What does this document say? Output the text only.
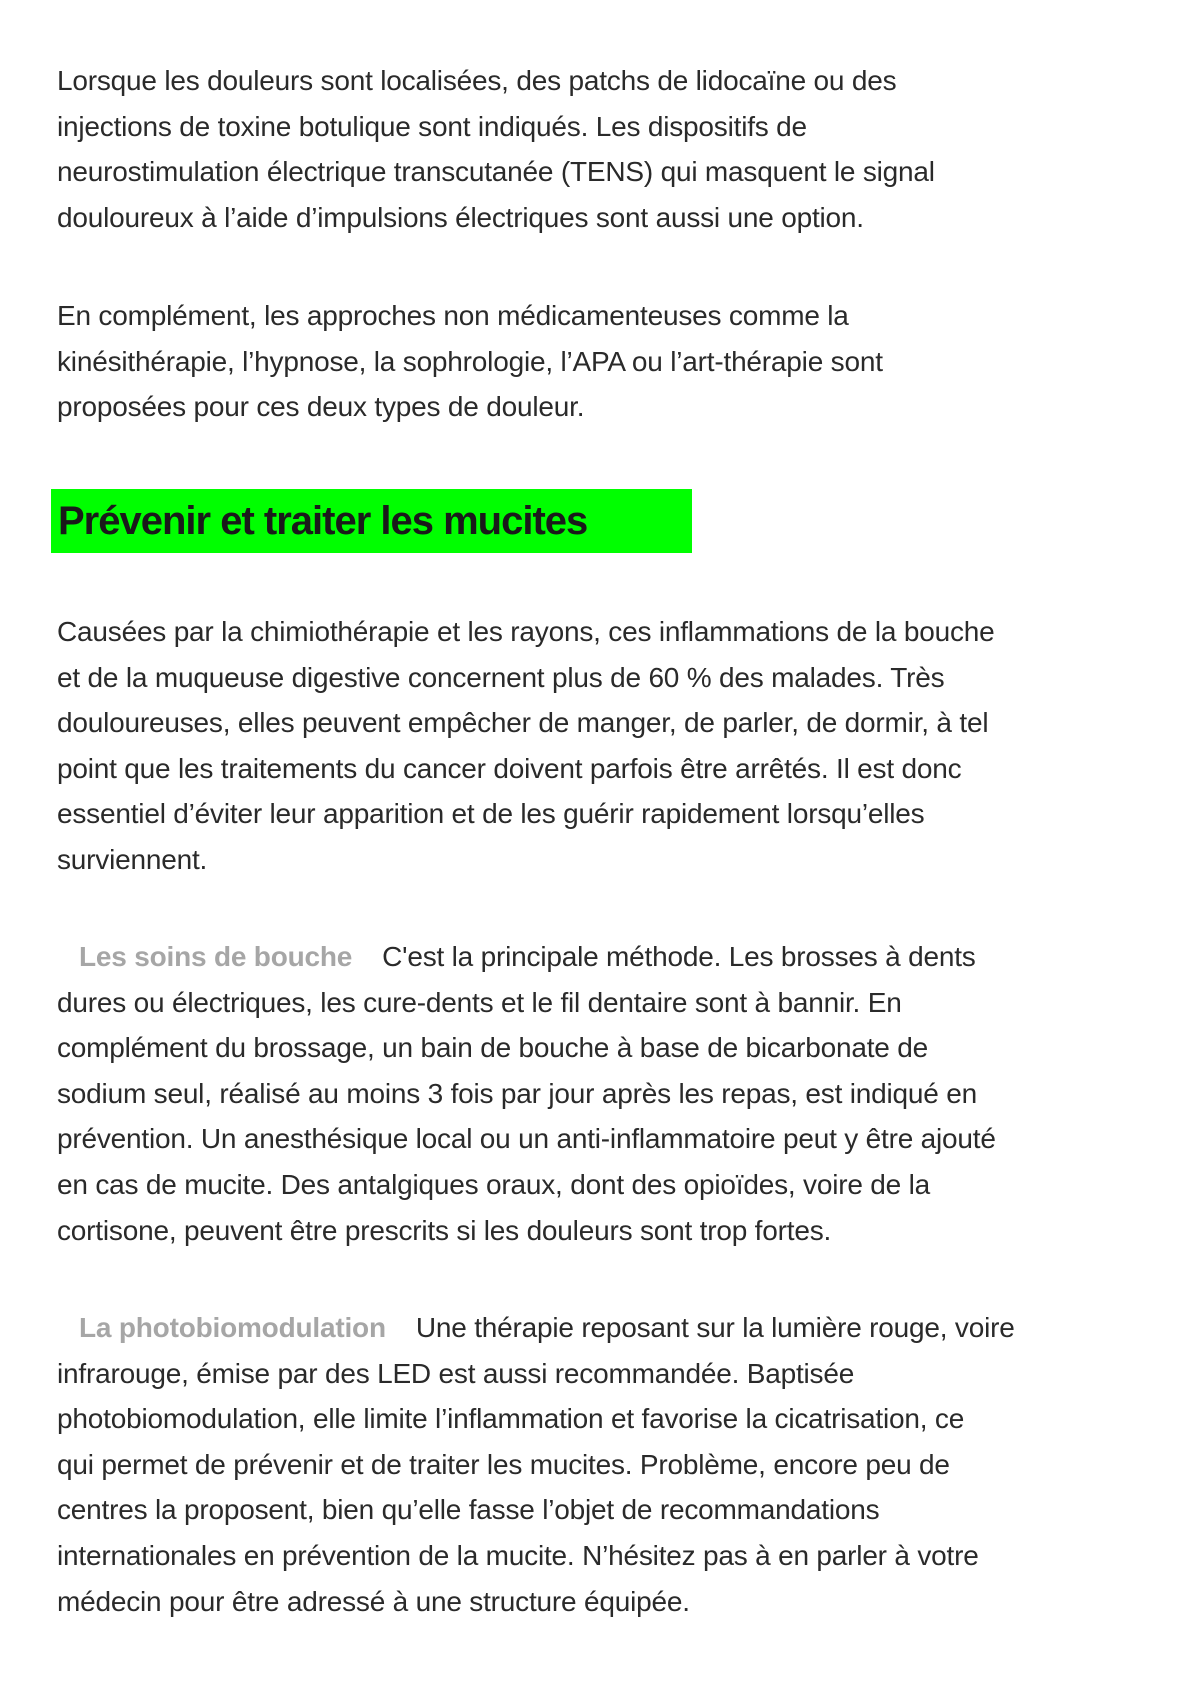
Lorsque les douleurs sont localisées, des patchs de lidocaïne ou des
injections de toxine botulique sont indiqués. Les dispositifs de
neurostimulation électrique transcutanée (TENS) qui masquent le signal
douloureux à l’aide d’impulsions électriques sont aussi une option.
En complément, les approches non médicamenteuses comme la
kinésithérapie, l’hypnose, la sophrologie, l’APA ou l’art-thérapie sont
proposées pour ces deux types de douleur.
Prévenir et traiter les mucites
Causées par la chimiothérapie et les rayons, ces inflammations de la bouche
et de la muqueuse digestive concernent plus de 60 % des malades. Très
douloureuses, elles peuvent empêcher de manger, de parler, de dormir, à tel
point que les traitements du cancer doivent parfois être arrêtés. Il est donc
essentiel d’éviter leur apparition et de les guérir rapidement lorsqu’elles
surviennent.
Les soins de bouche C'est la principale méthode. Les brosses à dents
dures ou électriques, les cure-dents et le fil dentaire sont à bannir. En
complément du brossage, un bain de bouche à base de bicarbonate de
sodium seul, réalisé au moins 3 fois par jour après les repas, est indiqué en
prévention. Un anesthésique local ou un anti-inflammatoire peut y être ajouté
en cas de mucite. Des antalgiques oraux, dont des opioïdes, voire de la
cortisone, peuvent être prescrits si les douleurs sont trop fortes.
La photobiomodulation Une thérapie reposant sur la lumière rouge, voire
infrarouge, émise par des LED est aussi recommandée. Baptisée
photobiomodulation, elle limite l’inflammation et favorise la cicatrisation, ce
qui permet de prévenir et de traiter les mucites. Problème, encore peu de
centres la proposent, bien qu’elle fasse l’objet de recommandations
internationales en prévention de la mucite. N’hésitez pas à en parler à votre
médecin pour être adressé à une structure équipée.
